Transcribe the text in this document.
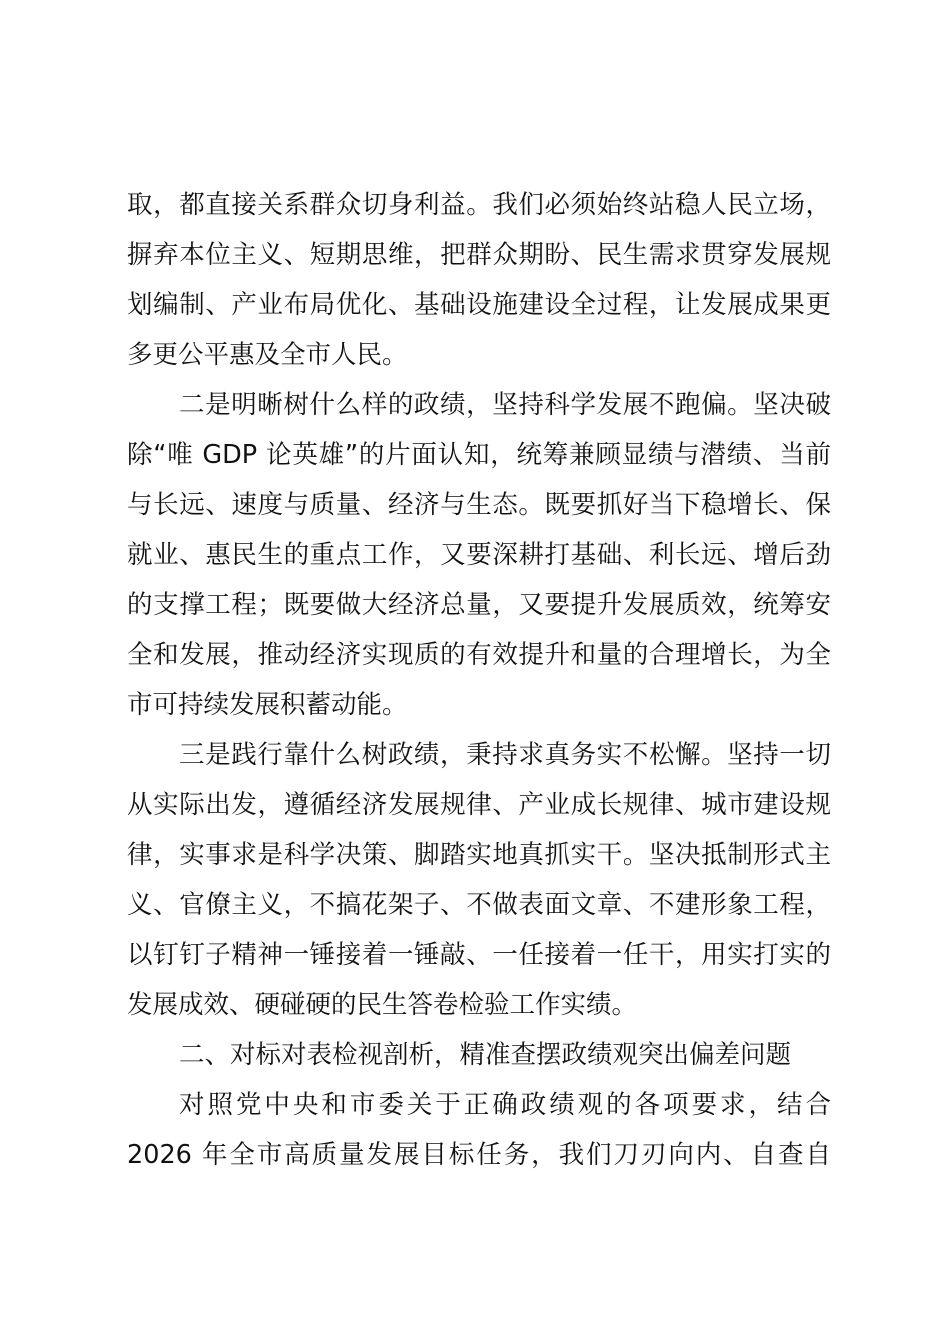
取，都直接关系群众切身利益。我们必须始终站稳人民立场，
摒弃本位主义、短期思维，把群众期盼、民生需求贯穿发展规
划编制、产业布局优化、基础设施建设全过程，让发展成果更
多更公平惠及全市人民。
二是明晰树什么样的政绩，坚持科学发展不跑偏。坚决破
除“唯 GDP 论英雄”的片面认知，统筹兼顾显绩与潜绩、当前
与长远、速度与质量、经济与生态。既要抓好当下稳增长、保
就业、惠民生的重点工作，又要深耕打基础、利长远、增后劲
的支撑工程；既要做大经济总量，又要提升发展质效，统筹安
全和发展，推动经济实现质的有效提升和量的合理增长，为全
市可持续发展积蓄动能。
三是践行靠什么树政绩，秉持求真务实不松懈。坚持一切
从实际出发，遵循经济发展规律、产业成长规律、城市建设规
律，实事求是科学决策、脚踏实地真抓实干。坚决抵制形式主
义、官僚主义，不搞花架子、不做表面文章、不建形象工程，
以钉钉子精神一锤接着一锤敲、一任接着一任干，用实打实的
发展成效、硬碰硬的民生答卷检验工作实绩。
二、对标对表检视剖析，精准查摆政绩观突出偏差问题
对照党中央和市委关于正确政绩观的各项要求，结合
2026 年全市高质量发展目标任务，我们刀刃向内、自查自
